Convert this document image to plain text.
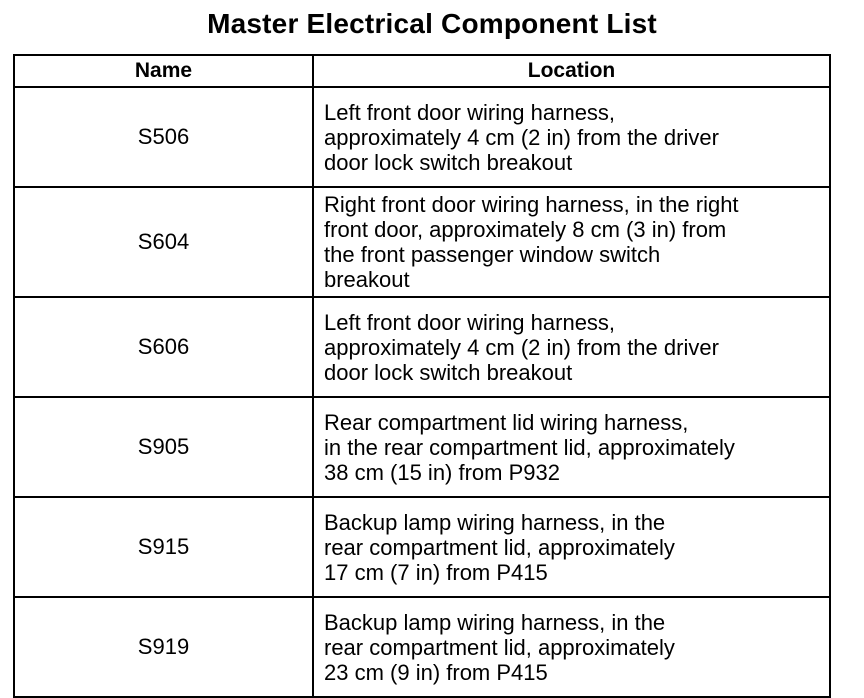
Master Electrical Component List
Name	Location
S506	Left front door wiring harness,
approximately 4 cm (2 in) from the driver
door lock switch breakout
S604	Right front door wiring harness, in the right
front door, approximately 8 cm (3 in) from
the front passenger window switch
breakout
S606	Left front door wiring harness,
approximately 4 cm (2 in) from the driver
door lock switch breakout
S905	Rear compartment lid wiring harness,
in the rear compartment lid, approximately
38 cm (15 in) from P932
S915	Backup lamp wiring harness, in the
rear compartment lid, approximately
17 cm (7 in) from P415
S919	Backup lamp wiring harness, in the
rear compartment lid, approximately
23 cm (9 in) from P415
